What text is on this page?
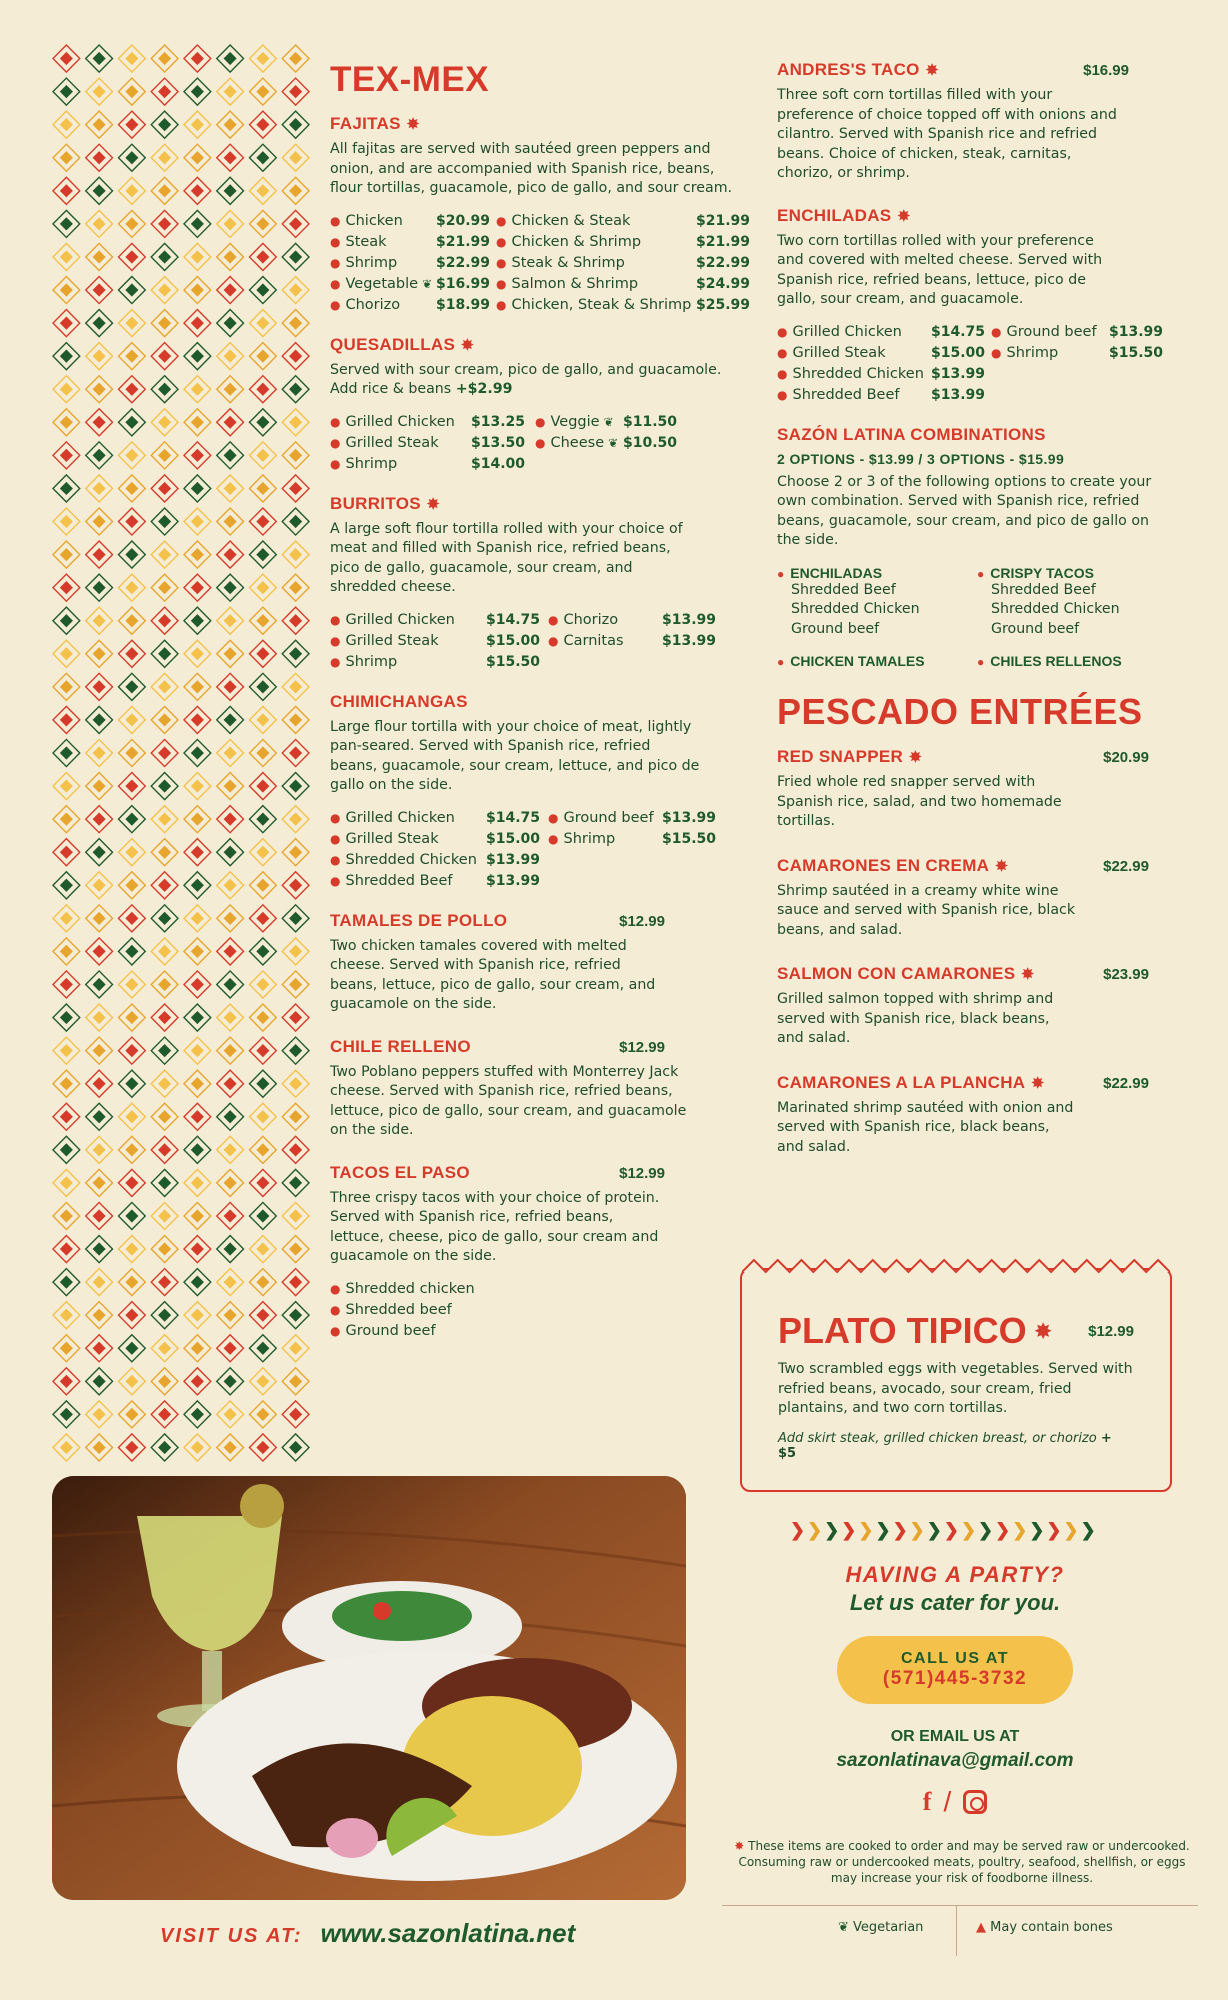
TEX-MEX
FAJITAS ✸
All fajitas are served with sautéed green peppers and onion, and are accompanied with Spanish rice, beans, flour tortillas, guacamole, pico de gallo, and sour cream.
● Chicken $20.99
● Steak	$21.99
● Shrimp	$22.99
● Vegetable ❦ $16.99
● Chorizo	$18.99
● Chicken & Steak	$21.99
● Chicken & Shrimp	$21.99
● Steak & Shrimp	$22.99
● Salmon & Shrimp	$24.99
● Chicken, Steak & Shrimp $25.99
QUESADILLAS ✸
Served with sour cream, pico de gallo, and guacamole. Add rice & beans +$2.99
● Grilled Chicken $13.25
● Grilled Steak $13.50
● Shrimp	$14.00
● Veggie ❦ $11.50
● Cheese ❦ $10.50
BURRITOS ✸
A large soft flour tortilla rolled with your choice of meat and filled with Spanish rice, refried beans, pico de gallo, guacamole, sour cream, and shredded cheese.
● Grilled Chicken $14.75
● Grilled Steak	$15.00
● Shrimp	$15.50
● Chorizo	$13.99
● Carnitas	$13.99
CHIMICHANGAS
Large flour tortilla with your choice of meat, lightly pan-seared. Served with Spanish rice, refried beans, guacamole, sour cream, lettuce, and pico de gallo on the side.
● Grilled Chicken $14.75
● Grilled Steak	$15.00
● Shredded Chicken $13.99
● Shredded Beef $13.99
● Ground beef $13.99
● Shrimp	$15.50
TAMALES DE POLLO	$12.99
Two chicken tamales covered with melted cheese. Served with Spanish rice, refried beans, lettuce, pico de gallo, sour cream, and guacamole on the side.
CHILE RELLENO	$12.99
Two Poblano peppers stuffed with Monterrey Jack cheese. Served with Spanish rice, refried beans, lettuce, pico de gallo, sour cream, and guacamole on the side.
TACOS EL PASO	$12.99
Three crispy tacos with your choice of protein. Served with Spanish rice, refried beans, lettuce, cheese, pico de gallo, sour cream and guacamole on the side.
● Shredded chicken
● Shredded beef
● Ground beef
ANDRES'S TACO ✸	$16.99
Three soft corn tortillas filled with your preference of choice topped off with onions and cilantro. Served with Spanish rice and refried beans. Choice of chicken, steak, carnitas, chorizo, or shrimp.
ENCHILADAS ✸
Two corn tortillas rolled with your preference and covered with melted cheese. Served with Spanish rice, refried beans, lettuce, pico de gallo, sour cream, and guacamole.
● Grilled Chicken $14.75
● Grilled Steak	$15.00
● Shredded Chicken $13.99
● Shredded Beef $13.99
● Ground beef $13.99
● Shrimp	$15.50
SAZÓN LATINA COMBINATIONS
2 OPTIONS - $13.99 / 3 OPTIONS - $15.99
Choose 2 or 3 of the following options to create your own combination. Served with Spanish rice, refried beans, guacamole, sour cream, and pico de gallo on the side.
● ENCHILADAS
Shredded Beef
Shredded Chicken
Ground beef
● CRISPY TACOS
Shredded Beef
Shredded Chicken
Ground beef
● CHICKEN TAMALES	● CHILES RELLENOS
PESCADO ENTRÉES
RED SNAPPER ✸	$20.99
Fried whole red snapper served with Spanish rice, salad, and two homemade tortillas.
CAMARONES EN CREMA ✸	$22.99
Shrimp sautéed in a creamy white wine sauce and served with Spanish rice, black beans, and salad.
SALMON CON CAMARONES ✸	$23.99
Grilled salmon topped with shrimp and served with Spanish rice, black beans, and salad.
CAMARONES A LA PLANCHA ✸	$22.99
Marinated shrimp sautéed with onion and served with Spanish rice, black beans, and salad.
PLATO TIPICO ✸ $12.99
Two scrambled eggs with vegetables. Served with refried beans, avocado, sour cream, fried plantains, and two corn tortillas.
Add skirt steak, grilled chicken breast, or chorizo + $5
❯ ❯ ❯ ❯ ❯ ❯ ❯ ❯ ❯ ❯ ❯ ❯ ❯ ❯ ❯ ❯ ❯ ❯
HAVING A PARTY?
Let us cater for you.
CALL US AT
(571)445-3732
OR EMAIL US AT
sazonlatinava@gmail.com
f /
✸ These items are cooked to order and may be served raw or undercooked. Consuming raw or undercooked meats, poultry, seafood, shellfish, or eggs may increase your risk of foodborne illness.
❦ Vegetarian	▲ May contain bones
VISIT US AT: www.sazonlatina.net
